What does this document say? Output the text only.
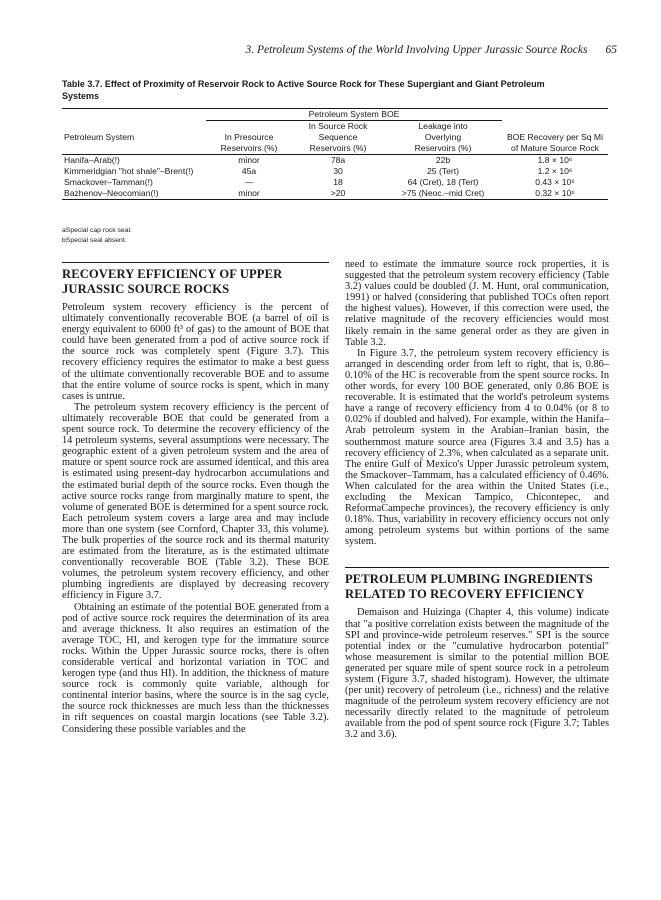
3. Petroleum Systems of the World Involving Upper Jurassic Source Rocks 65
Table 3.7. Effect of Proximity of Reservoir Rock to Active Source Rock for These Supergiant and Giant Petroleum Systems
	Petroleum System BOE			
		In Source Rock	Leakage into	
Petroleum System	In Presource	Sequence	Overlying	BOE Recovery per Sq Mi
	Reservoirs (%)	Reservoirs (%)	Reservoirs (%)	of Mature Source Rock
Hanifa–Arab(!)	minor	78a	22b	1.8 × 10⁶
Kimmeridgian "hot shale"–Brent(!)	45a	30	25 (Tert)	1.2 × 10⁶
Smackover–Tamman(!)	—	18	64 (Cret), 18 (Tert)	0.43 × 10⁶
Bazhenov–Neocomian(!)	minor	>20	>75 (Neoc.–mid Cret)	0.32 × 10⁶
aSpecial cap rock seal.
bSpecial seal absent.
RECOVERY EFFICIENCY OF UPPER JURASSIC SOURCE ROCKS

Petroleum system recovery efficiency is the percent of ultimately conventionally recoverable BOE (a barrel of oil is energy equivalent to 6000 ft³ of gas) to the amount of BOE that could have been generated from a pod of active source rock if the source rock was completely spent (Figure 3.7). This recovery efficiency requires the estimator to make a best guess of the ultimate conventionally recoverable BOE and to assume that the entire volume of source rocks is spent, which in many cases is untrue.

The petroleum system recovery efficiency is the percent of ultimately recoverable BOE that could be generated from a spent source rock. To determine the recovery efficiency of the 14 petroleum systems, several assumptions were necessary. The geographic extent of a given petroleum system and the area of mature or spent source rock are assumed identical, and this area is estimated using present-day hydrocarbon accumulations and the estimated burial depth of the source rocks. Even though the active source rocks range from marginally mature to spent, the volume of generated BOE is determined for a spent source rock. Each petroleum system covers a large area and may include more than one system (see Cornford, Chapter 33, this volume). The bulk properties of the source rock and its thermal maturity are estimated from the literature, as is the estimated ultimate conventionally recoverable BOE (Table 3.2). These BOE volumes, the petroleum system recovery efficiency, and other plumbing ingredients are displayed by decreasing recovery efficiency in Figure 3.7.

Obtaining an estimate of the potential BOE generated from a pod of active source rock requires the determination of its area and average thickness. It also requires an estimation of the average TOC, HI, and kerogen type for the immature source rocks. Within the Upper Jurassic source rocks, there is often considerable vertical and horizontal variation in TOC and kerogen type (and thus HI). In addition, the thickness of mature source rock is commonly quite variable, although for continental interior basins, where the source is in the sag cycle, the source rock thicknesses are much less than the thicknesses in rift sequences on coastal margin locations (see Table 3.2). Considering these possible variables and the

need to estimate the immature source rock properties, it is suggested that the petroleum system recovery efficiency (Table 3.2) values could be doubled (J. M. Hunt, oral communication, 1991) or halved (considering that published TOCs often report the highest values). However, if this correction were used, the relative magnitude of the recovery efficiencies would most likely remain in the same general order as they are given in Table 3.2.

In Figure 3.7, the petroleum system recovery efficiency is arranged in descending order from left to right, that is, 0.86–0.10% of the HC is recoverable from the spent source rocks. In other words, for every 100 BOE generated, only 0.86 BOE is recoverable. It is estimated that the world's petroleum systems have a range of recovery efficiency from 4 to 0.04% (or 8 to 0.02% if doubled and halved). For example, within the Hanifa–Arab petroleum system in the Arabian–Iranian basin, the southernmost mature source area (Figures 3.4 and 3.5) has a recovery efficiency of 2.3%, when calculated as a separate unit. The entire Gulf of Mexico's Upper Jurassic petroleum system, the Smackover–Tammam, has a calculated efficiency of 0.46%. When calculated for the area within the United States (i.e., excluding the Mexican Tampico, Chicontepec, and ReformaCampeche provinces), the recovery efficiency is only 0.18%. Thus, variability in recovery efficiency occurs not only among petroleum systems but within portions of the same system.

PETROLEUM PLUMBING INGREDIENTS RELATED TO RECOVERY EFFICIENCY

Demaison and Huizinga (Chapter 4, this volume) indicate that "a positive correlation exists between the magnitude of the SPI and province-wide petroleum reserves." SPI is the source potential index or the "cumulative hydrocarbon potential" whose measurement is similar to the potential million BOE generated per square mile of spent source rock in a petroleum system (Figure 3.7, shaded histogram). However, the ultimate (per unit) recovery of petroleum (i.e., richness) and the relative magnitude of the petroleum system recovery efficiency are not necessarily directly related to the magnitude of petroleum available from the pod of spent source rock (Figure 3.7; Tables 3.2 and 3.6).
